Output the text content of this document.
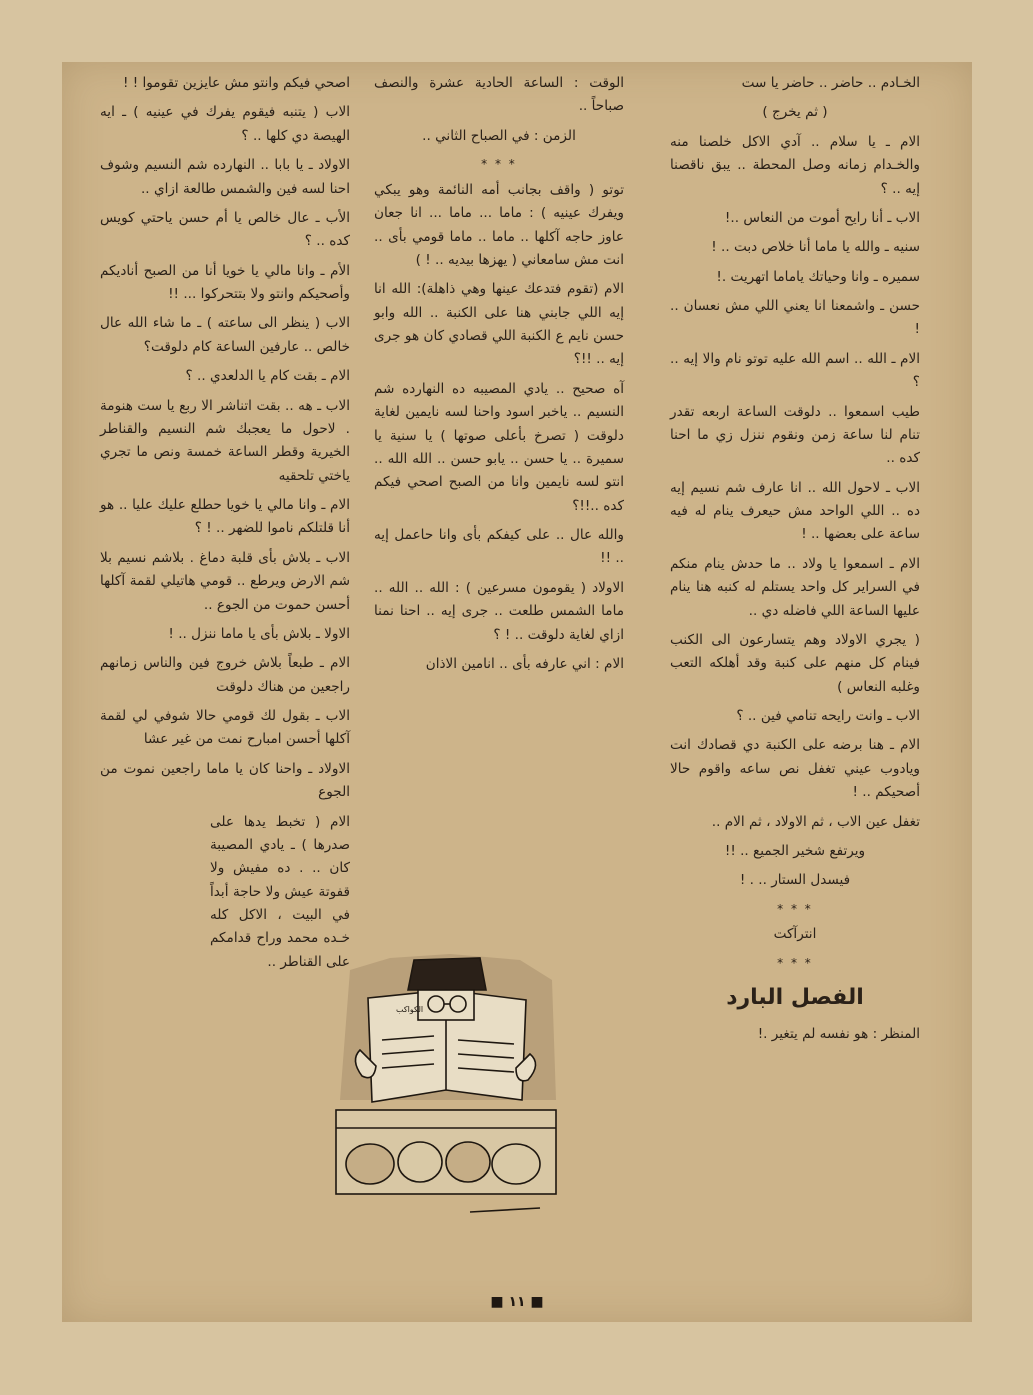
الخـادم .. حاضر .. حاضر يا ست

( ثم يخرج )

الام ـ يا سلام .. آدي الاكل خلصنا منه والخـدام زمانه وصل المحطة .. يبق ناقصنا إيه .. ؟

الاب ـ أنا رايح أموت من النعاس ..!

سنيه ـ والله يا ماما أنا خلاص دبت .. !

سميره ـ وانا وحياتك ياماما اتهريت .!

حسن ـ واشمعنا انا يعني اللي مش نعسان .. !

الام ـ الله .. اسم الله عليه توتو نام والا إيه .. ؟

طيب اسمعوا .. دلوقت الساعة اربعه تقدر تنام لنا ساعة زمن ونقوم ننزل زي ما احنا كده ..

الاب ـ لاحول الله .. انا عارف شم نسيم إيه ده .. اللي الواحد مش حيعرف ينام له فيه ساعة على بعضها .. !

الام ـ اسمعوا يا ولاد .. ما حدش ينام منكم في السراير كل واحد يستلم له كنبه هنا ينام عليها الساعة اللي فاضله دي ..

( يجري الاولاد وهم يتسارعون الى الكنب فينام كل منهم على كنبة وقد أهلكه التعب وغلبه النعاس )

الاب ـ وانت رايحه تنامي فين .. ؟

الام ـ هنا برضه على الكنبة دي قصادك انت ويادوب عيني تغفل نص ساعه واقوم حالا أصحيكم .. !

تغفل عين الاب ، ثم الاولاد ، ثم الام ..

ويرتفع شخير الجميع .. !!

فيسدل الستار .. . !

* * *

انترآكت

* * *
الفصل البارد

المنظر : هو نفسه لم يتغير .!

الوقت : الساعة الحادية عشرة والنصف صباحاً ..

الزمن : في الصباح الثاني ..

* * *

توتو ( واقف بجانب أمه النائمة وهو يبكي ويفرك عينيه ) : ماما ... ماما ... انا جعان عاوز حاجه آكلها .. ماما .. ماما قومي بأى .. انت مش سامعاني ( يهزها بيديه .. ! )

الام (تقوم فتدعك عينها وهي ذاهلة): الله انا إيه اللي جابني هنا على الكنبة .. الله وابو حسن نايم ع الكنبة اللي قصادي كان هو جرى إيه .. !!؟

آه صحيح .. يادي المصيبه ده النهارده شم النسيم .. ياخبر اسود واحنا لسه نايمين لغاية دلوقت ( تصرخ بأعلى صوتها ) يا سنية يا سميرة .. يا حسن .. يابو حسن .. الله الله .. انتو لسه نايمين وانا من الصبح اصحي فيكم كده ..!!؟

والله عال .. على كيفكم بأى وانا حاعمل إيه .. !!

الاولاد ( يقومون مسرعين ) : الله .. الله .. ماما الشمس طلعت .. جرى إيه .. احنا نمنا ازاي لغاية دلوقت .. ! ؟

الام : اني عارفه بأى .. انامين الاذان

اصحي فيكم وانتو مش عايزين تقوموا ! !

الاب ( يتنبه فيقوم يفرك في عينيه ) ـ ايه الهيصة دي كلها .. ؟

الاولاد ـ يا بابا .. النهارده شم النسيم وشوف احنا لسه فين والشمس طالعة ازاي ..

الأب ـ عال خالص يا أم حسن ياحتي كويس كده .. ؟

الأم ـ وانا مالي يا خويا أنا من الصبح أناديكم وأصحيكم وانتو ولا بتتحركوا ... !!

الاب ( ينظر الى ساعته ) ـ ما شاء الله عال خالص .. عارفين الساعة كام دلوقت؟

الام ـ بقت كام يا الدلعدي .. ؟

الاب ـ هه .. بقت اتناشر الا ربع يا ست هنومة . لاحول ما يعجبك شم النسيم والقناطر الخيرية وقطر الساعة خمسة ونص ما تجري ياختي تلحقيه

الام ـ وانا مالي يا خويا حطلع عليك عليا .. هو أنا قلتلكم ناموا للضهر .. ! ؟

الاب ـ بلاش بأى قلبة دماغ . بلاشم نسيم بلا شم الارض ويرطع .. قومي هاتيلي لقمة آكلها أحسن حموت من الجوع ..

الاولا ـ بلاش بأى يا ماما ننزل .. !

الام ـ طبعاً بلاش خروج فين والناس زمانهم راجعين من هناك دلوقت

الاب ـ بقول لك قومي حالا شوفي لي لقمة آكلها أحسن امبارح نمت من غير عشا

الاولاد ـ واحنا كان يا ماما راجعين نموت من الجوع

الام ( تخبط يدها على صدرها ) ـ يادي المصيبة كان .. . ده مفيش ولا قفوتة عيش ولا حاجة أبداً في البيت ، الاكل كله خـده محمد وراح قدامكم على القناطر ..

الكواكب
■ ١١ ■
